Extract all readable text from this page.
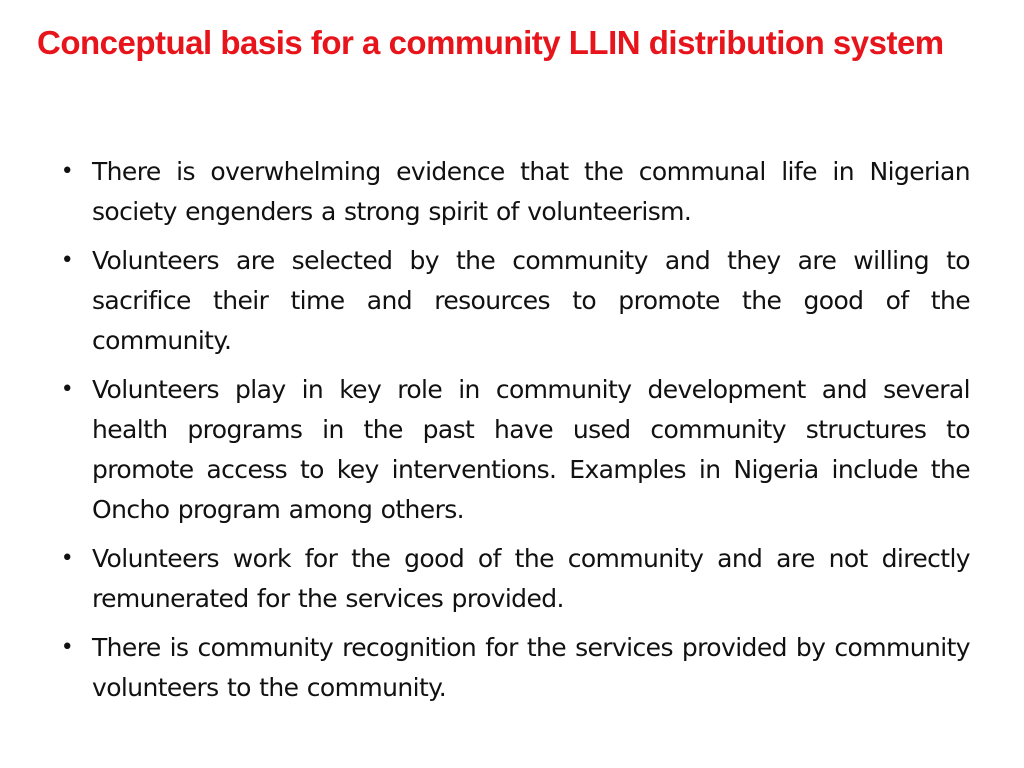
Conceptual basis for a community LLIN distribution system
• There is overwhelming evidence that the communal life in Nigerian society engenders a strong spirit of volunteerism.
• Volunteers are selected by the community and they are willing to sacrifice their time and resources to promote the good of the community.
• Volunteers play in key role in community development and several health programs in the past have used community structures to promote access to key interventions. Examples in Nigeria include the Oncho program among others.
• Volunteers work for the good of the community and are not directly remunerated for the services provided.
• There is community recognition for the services provided by community volunteers to the community.
